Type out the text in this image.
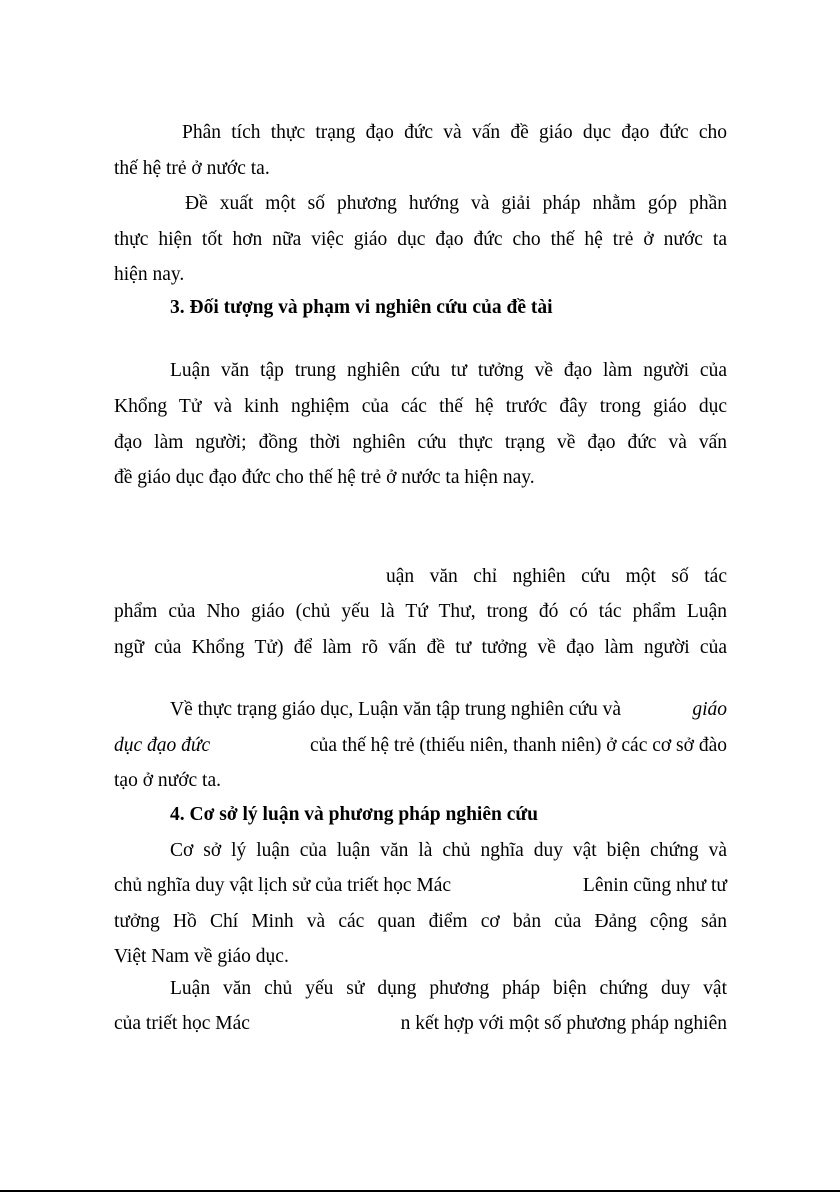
Phân tích thực trạng đạo đức và vấn đề giáo dục đạo đức cho
thế hệ trẻ ở nước ta.
Đề xuất một số phương hướng và giải pháp nhằm góp phần
thực hiện tốt hơn nữa việc giáo dục đạo đức cho thế hệ trẻ ở nước ta
hiện nay.
3. Đối tượng và phạm vi nghiên cứu của đề tài
Luận văn tập trung nghiên cứu tư tưởng về đạo làm người của
Khổng Tử và kinh nghiệm của các thế hệ trước đây trong giáo dục
đạo làm người; đồng thời nghiên cứu thực trạng về đạo đức và vấn
đề giáo dục đạo đức cho thế hệ trẻ ở nước ta hiện nay.
uận văn chỉ nghiên cứu một số tác
phẩm của Nho giáo (chủ yếu là Tứ Thư, trong đó có tác phẩm Luận
ngữ của Khổng Tử) để làm rõ vấn đề tư tưởng về đạo làm người của
Về thực trạng giáo dục, Luận văn tập trung nghiên cứu và	giáo
dục đạo đức	của thế hệ trẻ (thiếu niên, thanh niên) ở các cơ sở đào
tạo ở nước ta.
4. Cơ sở lý luận và phương pháp nghiên cứu
Cơ sở lý luận của luận văn là chủ nghĩa duy vật biện chứng và
chủ nghĩa duy vật lịch sử của triết học Mác	Lênin cũng như tư
tưởng Hồ Chí Minh và các quan điểm cơ bản của Đảng cộng sản
Việt Nam về giáo dục.
Luận văn chủ yếu sử dụng phương pháp biện chứng duy vật
của triết học Mác	n kết hợp với một số phương pháp nghiên
